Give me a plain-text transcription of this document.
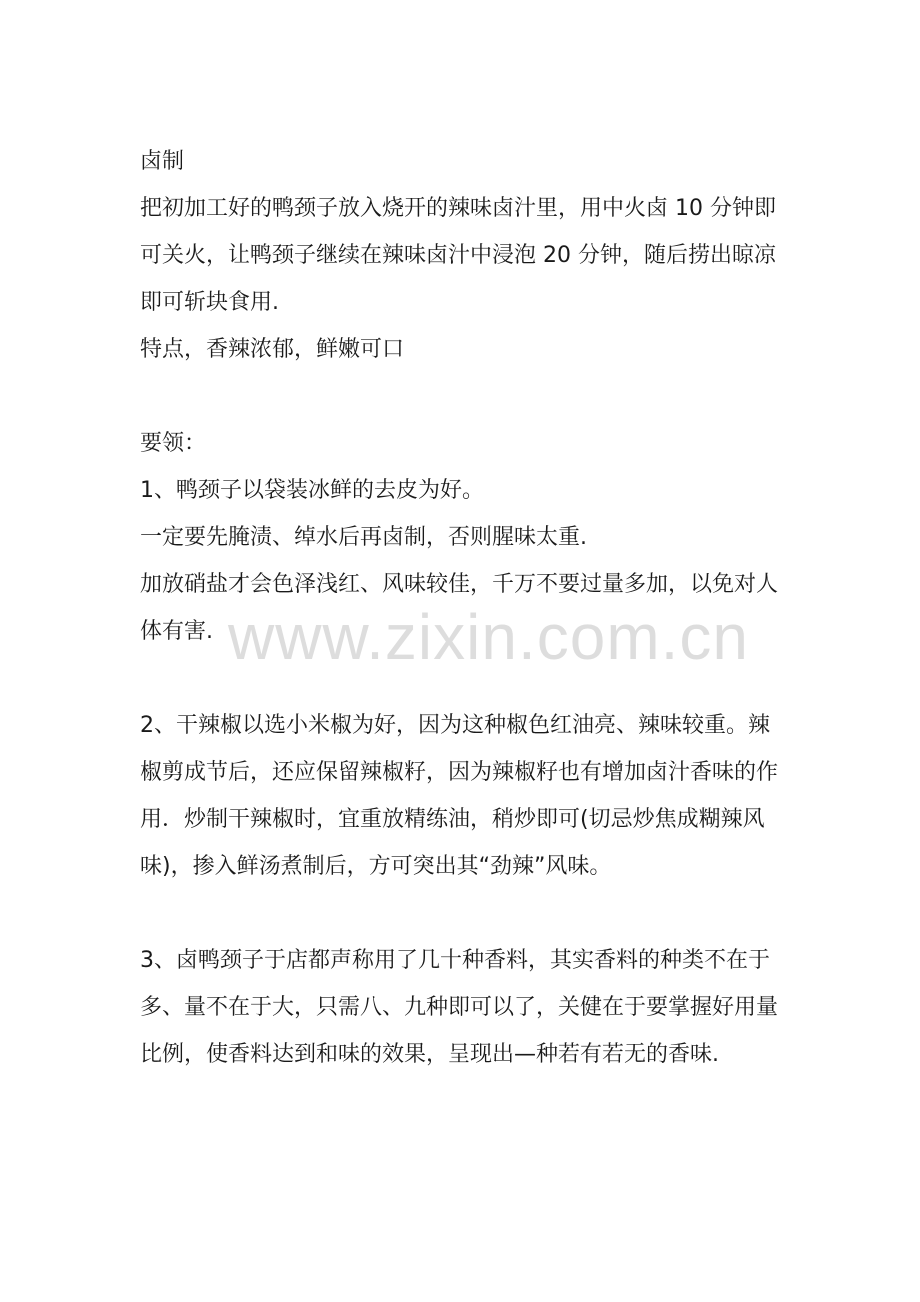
卤制

把初加工好的鸭颈子放入烧开的辣味卤汁里，用中火卤 10 分钟即可关火，让鸭颈子继续在辣味卤汁中浸泡 20 分钟，随后捞出晾凉即可斩块食用.

特点，香辣浓郁，鲜嫩可口

要领：

1、鸭颈子以袋装冰鲜的去皮为好。

一定要先腌渍、绰水后再卤制，否则腥味太重.

加放硝盐才会色泽浅红、风味较佳，千万不要过量多加，以免对人体有害.

2、干辣椒以选小米椒为好，因为这种椒色红油亮、辣味较重。辣椒剪成节后，还应保留辣椒籽，因为辣椒籽也有增加卤汁香味的作用．炒制干辣椒时，宜重放精练油，稍炒即可(切忌炒焦成糊辣风味)，掺入鲜汤煮制后，方可突出其“劲辣”风味。

3、卤鸭颈子于店都声称用了几十种香料，其实香料的种类不在于多、量不在于大，只需八、九种即可以了，关健在于要掌握好用量比例，使香料达到和味的效果，呈现出—种若有若无的香味.

www.zixin.com.cn
